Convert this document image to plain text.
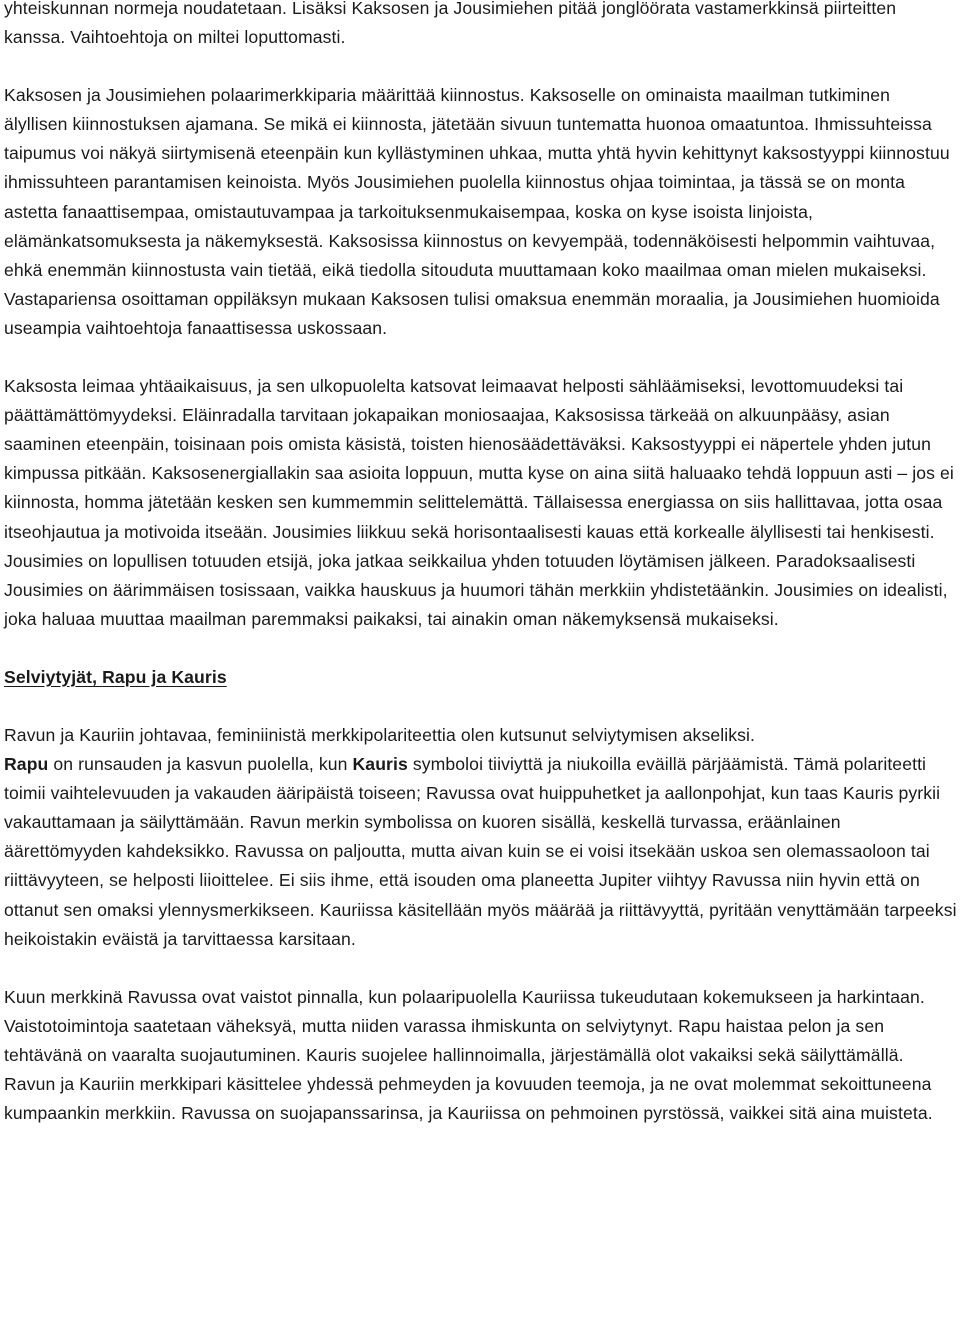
yhteiskunnan normeja noudatetaan. Lisäksi Kaksosen ja Jousimiehen pitää jonglöörata vastamerkkinsä piirteitten kanssa. Vaihtoehtoja on miltei loputtomasti.

Kaksosen ja Jousimiehen polaarimerkkiparia määrittää kiinnostus. Kaksoselle on ominaista maailman tutkiminen älyllisen kiinnostuksen ajamana. Se mikä ei kiinnosta, jätetään sivuun tuntematta huonoa omaatuntoa. Ihmissuhteissa taipumus voi näkyä siirtymisenä eteenpäin kun kyllästyminen uhkaa, mutta yhtä hyvin kehittynyt kaksostyyppi kiinnostuu ihmissuhteen parantamisen keinoista. Myös Jousimiehen puolella kiinnostus ohjaa toimintaa, ja tässä se on monta astetta fanaattisempaa, omistautuvampaa ja tarkoituksenmukaisempaa, koska on kyse isoista linjoista, elämänkatsomuksesta ja näkemyksestä. Kaksosissa kiinnostus on kevyempää, todennäköisesti helpommin vaihtuvaa, ehkä enemmän kiinnostusta vain tietää, eikä tiedolla sitouduta muuttamaan koko maailmaa oman mielen mukaiseksi. Vastapariensa osoittaman oppiläksyn mukaan Kaksosen tulisi omaksua enemmän moraalia, ja Jousimiehen huomioida useampia vaihtoehtoja fanaattisessa uskossaan.

Kaksosta leimaa yhtäaikaisuus, ja sen ulkopuolelta katsovat leimaavat helposti sähläämiseksi, levottomuudeksi tai päättämättömyydeksi. Eläinradalla tarvitaan jokapaikan moniosaajaa, Kaksosissa tärkeää on alkuunpääsy, asian saaminen eteenpäin, toisinaan pois omista käsistä, toisten hienosäädettäväksi. Kaksostyyppi ei näpertele yhden jutun kimpussa pitkään. Kaksosenergiallakin saa asioita loppuun, mutta kyse on aina siitä haluaako tehdä loppuun asti – jos ei kiinnosta, homma jätetään kesken sen kummemmin selittelemättä. Tällaisessa energiassa on siis hallittavaa, jotta osaa itseohjautua ja motivoida itseään. Jousimies liikkuu sekä horisontaalisesti kauas että korkealle älyllisesti tai henkisesti. Jousimies on lopullisen totuuden etsijä, joka jatkaa seikkailua yhden totuuden löytämisen jälkeen. Paradoksaalisesti Jousimies on äärimmäisen tosissaan, vaikka hauskuus ja huumori tähän merkkiin yhdistetäänkin. Jousimies on idealisti, joka haluaa muuttaa maailman paremmaksi paikaksi, tai ainakin oman näkemyksensä mukaiseksi.

Selviytyjät, Rapu ja Kauris

Ravun ja Kauriin johtavaa, feminiinistä merkkipolariteettia olen kutsunut selviytymisen akseliksi.
Rapu on runsauden ja kasvun puolella, kun Kauris symboloi tiiviyttä ja niukoilla eväillä pärjäämistä. Tämä polariteetti toimii vaihtelevuuden ja vakauden ääripäistä toiseen; Ravussa ovat huippuhetket ja aallonpohjat, kun taas Kauris pyrkii vakauttamaan ja säilyttämään. Ravun merkin symbolissa on kuoren sisällä, keskellä turvassa, eräänlainen äärettömyyden kahdeksikko. Ravussa on paljoutta, mutta aivan kuin se ei voisi itsekään uskoa sen olemassaoloon tai riittävyyteen, se helposti liioittelee. Ei siis ihme, että isouden oma planeetta Jupiter viihtyy Ravussa niin hyvin että on ottanut sen omaksi ylennysmerkikseen. Kauriissa käsitellään myös määrää ja riittävyyttä, pyritään venyttämään tarpeeksi heikoistakin eväistä ja tarvittaessa karsitaan.

Kuun merkkinä Ravussa ovat vaistot pinnalla, kun polaaripuolella Kauriissa tukeudutaan kokemukseen ja harkintaan. Vaistotoimintoja saatetaan väheksyä, mutta niiden varassa ihmiskunta on selviytynyt. Rapu haistaa pelon ja sen tehtävänä on vaaralta suojautuminen. Kauris suojelee hallinnoimalla, järjestämällä olot vakaiksi sekä säilyttämällä. Ravun ja Kauriin merkkipari käsittelee yhdessä pehmeyden ja kovuuden teemoja, ja ne ovat molemmat sekoittuneena kumpaankin merkkiin. Ravussa on suojapanssarinsa, ja Kauriissa on pehmoinen pyrstössä, vaikkei sitä aina muisteta.
